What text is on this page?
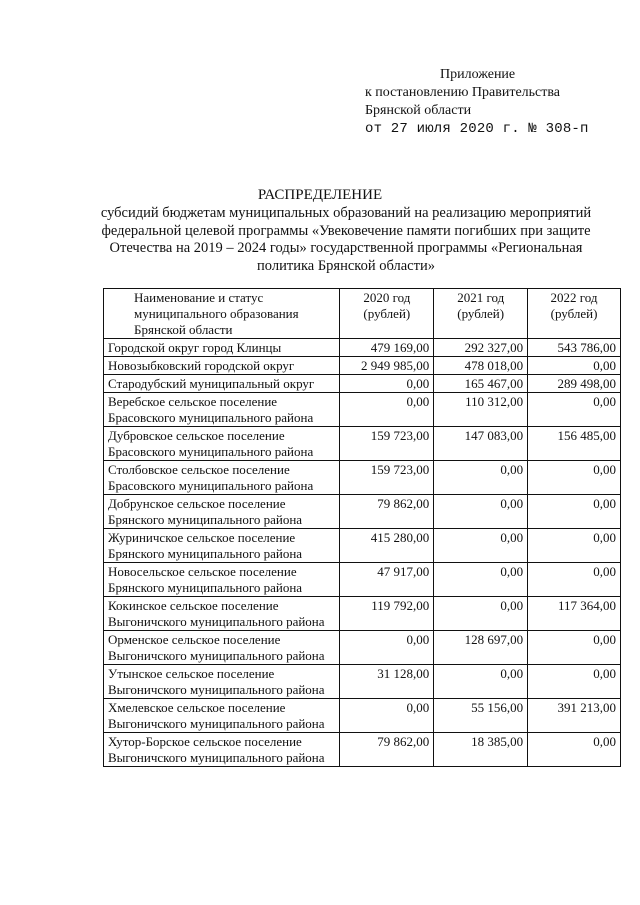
Приложение
к постановлению Правительства
Брянской области
от 27 июля 2020 г. № 308-п
РАСПРЕДЕЛЕНИЕ
субсидий бюджетам муниципальных образований на реализацию мероприятий федеральной целевой программы «Увековечение памяти погибших при защите Отечества на 2019 – 2024 годы» государственной программы «Региональная политика Брянской области»
Наименование и статус муниципального образования Брянской области	2020 год (рублей)	2021 год (рублей)	2022 год (рублей)
Городской округ город Клинцы	479 169,00	292 327,00	543 786,00
Новозыбковский городской округ	2 949 985,00	478 018,00	0,00
Стародубский муниципальный округ	0,00	165 467,00	289 498,00
Веребское сельское поселение Брасовского муниципального района	0,00	110 312,00	0,00
Дубровское сельское поселение Брасовского муниципального района	159 723,00	147 083,00	156 485,00
Столбовское сельское поселение Брасовского муниципального района	159 723,00	0,00	0,00
Добрунское сельское поселение Брянского муниципального района	79 862,00	0,00	0,00
Журиничское сельское поселение Брянского муниципального района	415 280,00	0,00	0,00
Новосельское сельское поселение Брянского муниципального района	47 917,00	0,00	0,00
Кокинское сельское поселение Выгоничского муниципального района	119 792,00	0,00	117 364,00
Орменское сельское поселение Выгоничского муниципального района	0,00	128 697,00	0,00
Утынское сельское поселение Выгоничского муниципального района	31 128,00	0,00	0,00
Хмелевское сельское поселение Выгоничского муниципального района	0,00	55 156,00	391 213,00
Хутор-Борское сельское поселение Выгоничского муниципального района	79 862,00	18 385,00	0,00
